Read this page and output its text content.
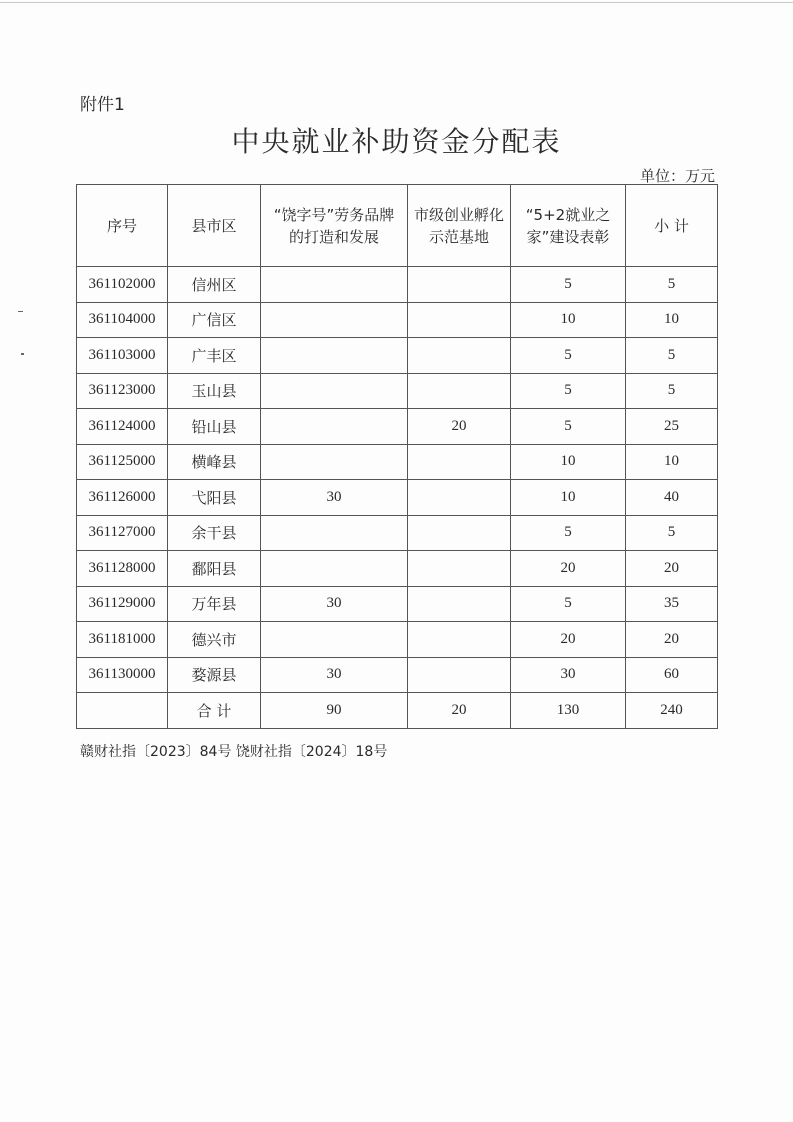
附件1
中央就业补助资金分配表
单位：万元
序号	县市区	“饶字号”劳务品牌的打造和发展	市级创业孵化示范基地	“5+2就业之家”建设表彰	小 计
361102000	信州区			5	5
361104000	广信区			10	10
361103000	广丰区			5	5
361123000	玉山县			5	5
361124000	铅山县		20	5	25
361125000	横峰县			10	10
361126000	弋阳县	30		10	40
361127000	余干县			5	5
361128000	鄱阳县			20	20
361129000	万年县	30		5	35
361181000	德兴市			20	20
361130000	婺源县	30		30	60
	合 计	90	20	130	240
赣财社指〔2023〕84号 饶财社指〔2024〕18号
